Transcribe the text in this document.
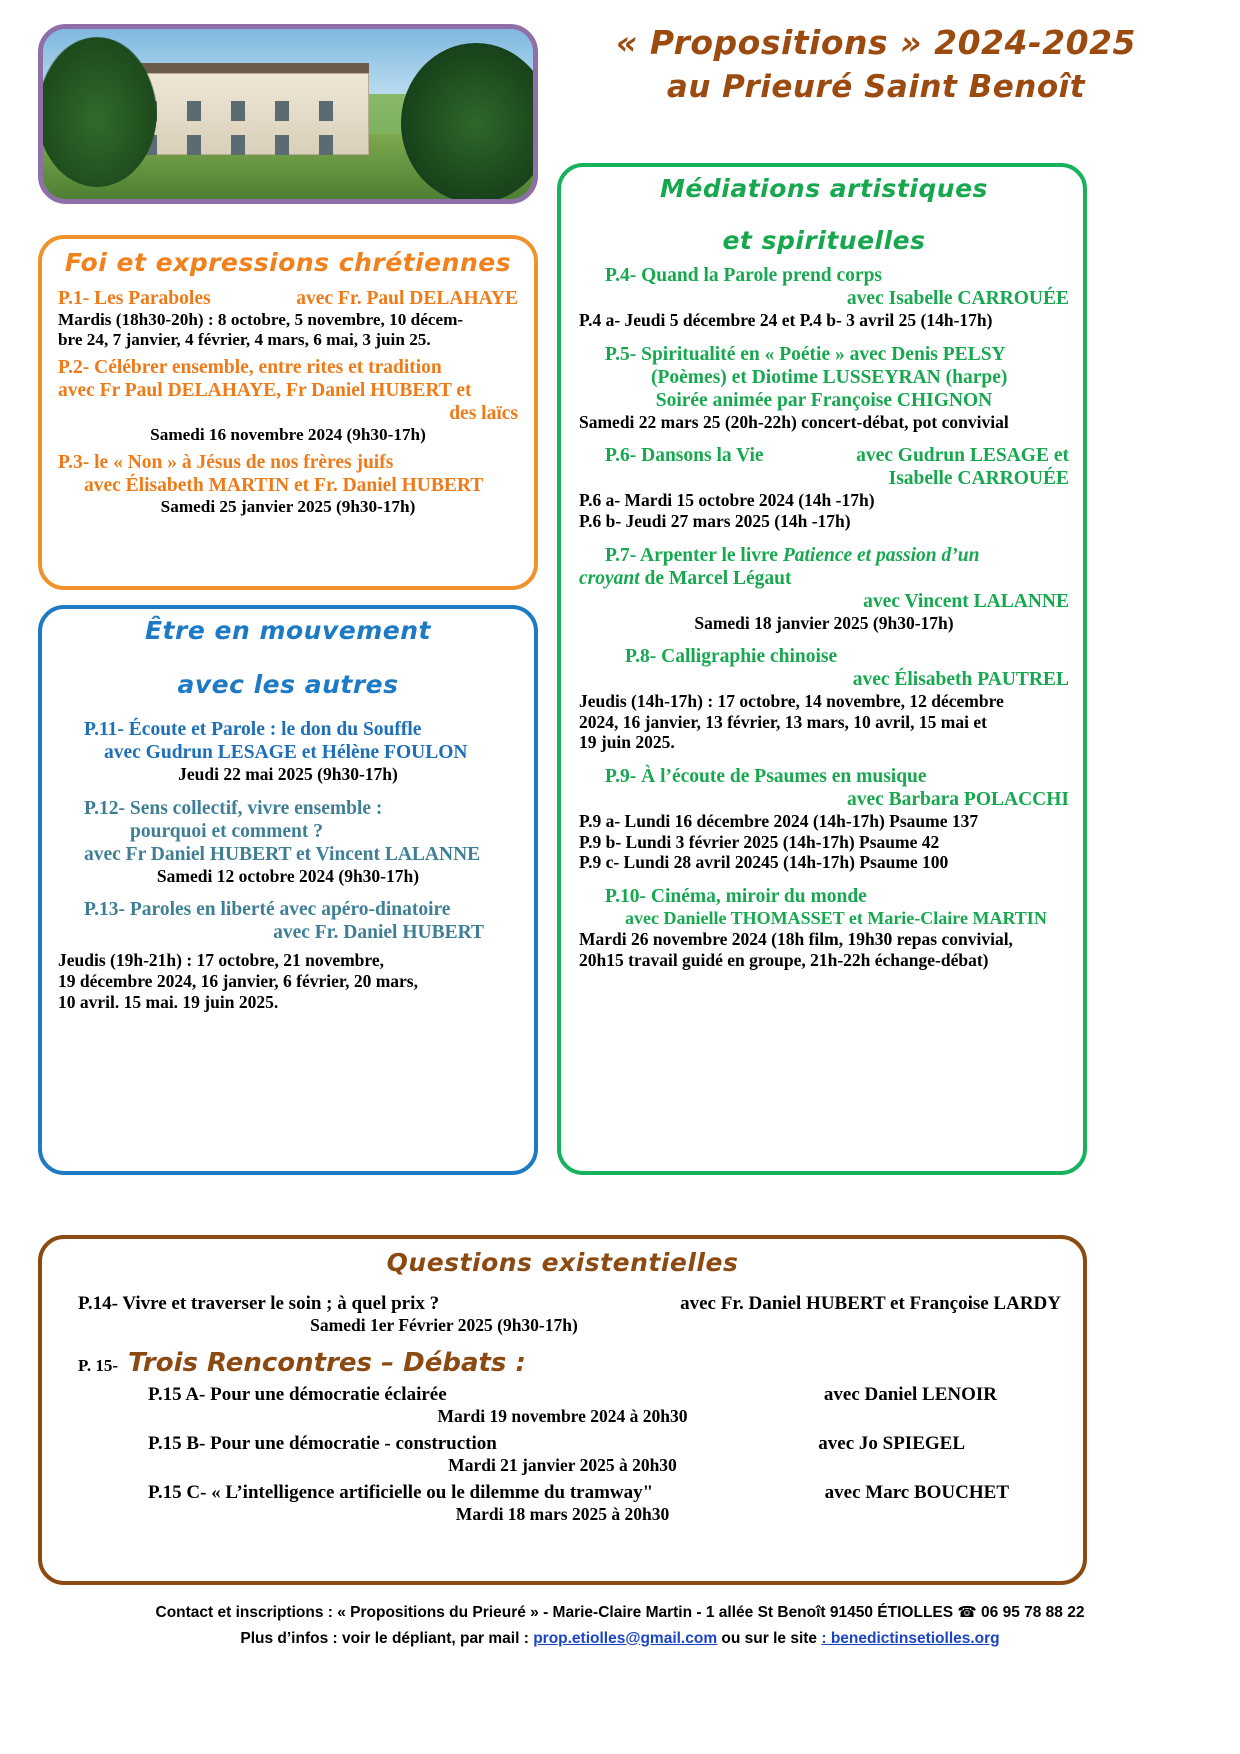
« Propositions » 2024-2025
au Prieuré Saint Benoît
Foi et expressions chrétiennes
P.1- Les Paraboles	avec Fr. Paul DELAHAYE
Mardis (18h30-20h) : 8 octobre, 5 novembre, 10 décem-
bre 24, 7 janvier, 4 février, 4 mars, 6 mai, 3 juin 25.
P.2- Célébrer ensemble, entre rites et tradition
avec Fr Paul DELAHAYE, Fr Daniel HUBERT et
des laïcs
Samedi 16 novembre 2024 (9h30-17h)
P.3- le « Non » à Jésus de nos frères juifs
avec Élisabeth MARTIN et Fr. Daniel HUBERT
Samedi 25 janvier 2025 (9h30-17h)
Être en mouvement
avec les autres
P.11- Écoute et Parole : le don du Souffle
avec Gudrun LESAGE et Hélène FOULON
Jeudi 22 mai 2025 (9h30-17h)
P.12- Sens collectif, vivre ensemble :
pourquoi et comment ?
avec Fr Daniel HUBERT et Vincent LALANNE
Samedi 12 octobre 2024 (9h30-17h)
P.13- Paroles en liberté avec apéro-dinatoire
avec Fr. Daniel HUBERT
Jeudis (19h-21h) : 17 octobre, 21 novembre,
19 décembre 2024, 16 janvier, 6 février, 20 mars,
10 avril. 15 mai. 19 juin 2025.
Médiations artistiques
et spirituelles
P.4- Quand la Parole prend corps
avec Isabelle CARROUÉE
P.4 a- Jeudi 5 décembre 24 et P.4 b- 3 avril 25 (14h-17h)
P.5- Spiritualité en « Poétie » avec Denis PELSY
(Poèmes) et Diotime LUSSEYRAN (harpe)
Soirée animée par Françoise CHIGNON
Samedi 22 mars 25 (20h-22h) concert-débat, pot convivial
P.6- Dansons la Vie	avec Gudrun LESAGE et
Isabelle CARROUÉE
P.6 a- Mardi 15 octobre 2024 (14h -17h)
P.6 b- Jeudi 27 mars 2025 (14h -17h)
P.7- Arpenter le livre Patience et passion d’un
croyant de Marcel Légaut
avec Vincent LALANNE
Samedi 18 janvier 2025 (9h30-17h)
P.8- Calligraphie chinoise
avec Élisabeth PAUTREL
Jeudis (14h-17h) : 17 octobre, 14 novembre, 12 décembre
2024, 16 janvier, 13 février, 13 mars, 10 avril, 15 mai et
19 juin 2025.
P.9- À l’écoute de Psaumes en musique
avec Barbara POLACCHI
P.9 a- Lundi 16 décembre 2024 (14h-17h) Psaume 137
P.9 b- Lundi 3 février 2025 (14h-17h) Psaume 42
P.9 c- Lundi 28 avril 20245 (14h-17h) Psaume 100
P.10- Cinéma, miroir du monde
avec Danielle THOMASSET et Marie-Claire MARTIN
Mardi 26 novembre 2024 (18h film, 19h30 repas convivial,
20h15 travail guidé en groupe, 21h-22h échange-débat)
Questions existentielles
P.14- Vivre et traverser le soin ; à quel prix ?	avec Fr. Daniel HUBERT et Françoise LARDY
Samedi 1er Février 2025 (9h30-17h)
P. 15- Trois Rencontres – Débats :
P.15 A- Pour une démocratie éclairée	avec Daniel LENOIR
Mardi 19 novembre 2024 à 20h30
P.15 B- Pour une démocratie - construction	avec Jo SPIEGEL
Mardi 21 janvier 2025 à 20h30
P.15 C- « L’intelligence artificielle ou le dilemme du tramway"	avec Marc BOUCHET
Mardi 18 mars 2025 à 20h30
Contact et inscriptions : « Propositions du Prieuré » - Marie-Claire Martin - 1 allée St Benoît 91450 ÉTIOLLES ☎ 06 95 78 88 22
Plus d’infos : voir le dépliant, par mail : prop.etiolles@gmail.com ou sur le site : benedictinsetiolles.org
